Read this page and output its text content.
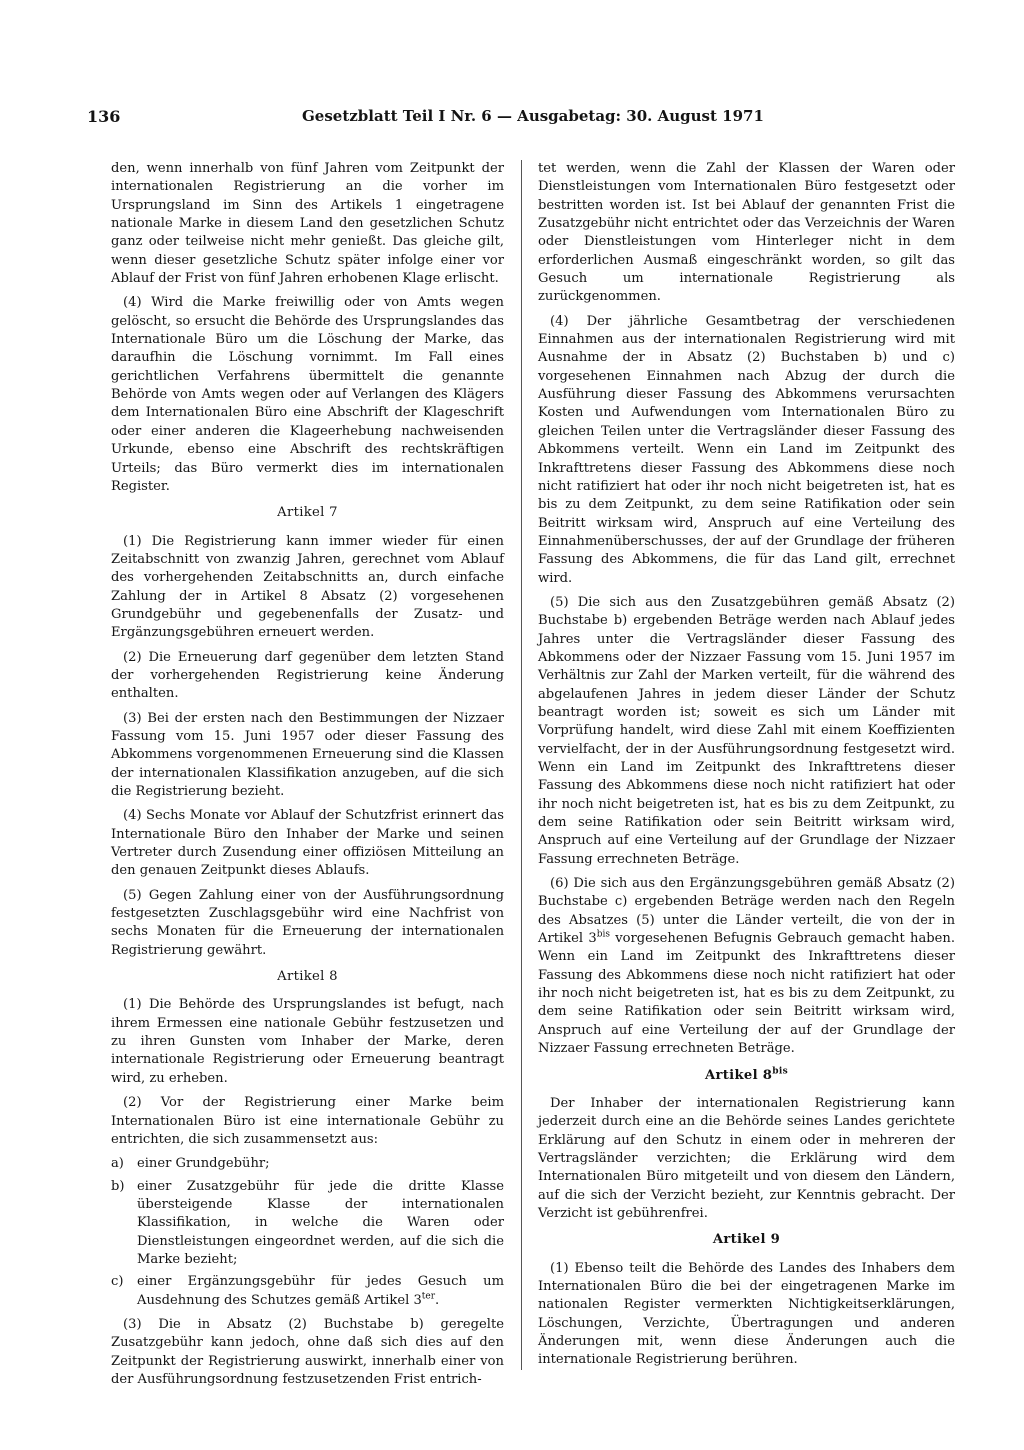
136	Gesetzblatt Teil I Nr. 6 — Ausgabetag: 30. August 1971

den, wenn innerhalb von fünf Jahren vom Zeitpunkt der internationalen Registrierung an die vorher im Ursprungsland im Sinn des Artikels 1 eingetragene nationale Marke in diesem Land den gesetzlichen Schutz ganz oder teilweise nicht mehr genießt. Das gleiche gilt, wenn dieser gesetzliche Schutz später infolge einer vor Ablauf der Frist von fünf Jahren erhobenen Klage erlischt.

(4) Wird die Marke freiwillig oder von Amts wegen gelöscht, so ersucht die Behörde des Ursprungslandes das Internationale Büro um die Löschung der Marke, das daraufhin die Löschung vornimmt. Im Fall eines gerichtlichen Verfahrens übermittelt die genannte Behörde von Amts wegen oder auf Verlangen des Klägers dem Internationalen Büro eine Abschrift der Klageschrift oder einer anderen die Klageerhebung nachweisenden Urkunde, ebenso eine Abschrift des rechtskräftigen Urteils; das Büro vermerkt dies im internationalen Register.

Artikel 7

(1) Die Registrierung kann immer wieder für einen Zeitabschnitt von zwanzig Jahren, gerechnet vom Ablauf des vorhergehenden Zeitabschnitts an, durch einfache Zahlung der in Artikel 8 Absatz (2) vorgesehenen Grundgebühr und gegebenenfalls der Zusatz- und Ergänzungsgebühren erneuert werden.

(2) Die Erneuerung darf gegenüber dem letzten Stand der vorhergehenden Registrierung keine Änderung enthalten.

(3) Bei der ersten nach den Bestimmungen der Nizzaer Fassung vom 15. Juni 1957 oder dieser Fassung des Abkommens vorgenommenen Erneuerung sind die Klassen der internationalen Klassifikation anzugeben, auf die sich die Registrierung bezieht.

(4) Sechs Monate vor Ablauf der Schutzfrist erinnert das Internationale Büro den Inhaber der Marke und seinen Vertreter durch Zusendung einer offiziösen Mitteilung an den genauen Zeitpunkt dieses Ablaufs.

(5) Gegen Zahlung einer von der Ausführungsordnung festgesetzten Zuschlagsgebühr wird eine Nachfrist von sechs Monaten für die Erneuerung der internationalen Registrierung gewährt.

Artikel 8

(1) Die Behörde des Ursprungslandes ist befugt, nach ihrem Ermessen eine nationale Gebühr festzusetzen und zu ihren Gunsten vom Inhaber der Marke, deren internationale Registrierung oder Erneuerung beantragt wird, zu erheben.

(2) Vor der Registrierung einer Marke beim Internationalen Büro ist eine internationale Gebühr zu entrichten, die sich zusammensetzt aus:

a) einer Grundgebühr;
b) einer Zusatzgebühr für jede die dritte Klasse übersteigende Klasse der internationalen Klassifikation, in welche die Waren oder Dienstleistungen eingeordnet werden, auf die sich die Marke bezieht;
c) einer Ergänzungsgebühr für jedes Gesuch um Ausdehnung des Schutzes gemäß Artikel $3^{ter}$.

(3) Die in Absatz (2) Buchstabe b) geregelte Zusatzgebühr kann jedoch, ohne daß sich dies auf den Zeitpunkt der Registrierung auswirkt, innerhalb einer von der Ausführungsordnung festzusetzenden Frist entrich-

tet werden, wenn die Zahl der Klassen der Waren oder Dienstleistungen vom Internationalen Büro festgesetzt oder bestritten worden ist. Ist bei Ablauf der genannten Frist die Zusatzgebühr nicht entrichtet oder das Verzeichnis der Waren oder Dienstleistungen vom Hinterleger nicht in dem erforderlichen Ausmaß eingeschränkt worden, so gilt das Gesuch um internationale Registrierung als zurückgenommen.

(4) Der jährliche Gesamtbetrag der verschiedenen Einnahmen aus der internationalen Registrierung wird mit Ausnahme der in Absatz (2) Buchstaben b) und c) vorgesehenen Einnahmen nach Abzug der durch die Ausführung dieser Fassung des Abkommens verursachten Kosten und Aufwendungen vom Internationalen Büro zu gleichen Teilen unter die Vertragsländer dieser Fassung des Abkommens verteilt. Wenn ein Land im Zeitpunkt des Inkrafttretens dieser Fassung des Abkommens diese noch nicht ratifiziert hat oder ihr noch nicht beigetreten ist, hat es bis zu dem Zeitpunkt, zu dem seine Ratifikation oder sein Beitritt wirksam wird, Anspruch auf eine Verteilung des Einnahmenüberschusses, der auf der Grundlage der früheren Fassung des Abkommens, die für das Land gilt, errechnet wird.

(5) Die sich aus den Zusatzgebühren gemäß Absatz (2) Buchstabe b) ergebenden Beträge werden nach Ablauf jedes Jahres unter die Vertragsländer dieser Fassung des Abkommens oder der Nizzaer Fassung vom 15. Juni 1957 im Verhältnis zur Zahl der Marken verteilt, für die während des abgelaufenen Jahres in jedem dieser Länder der Schutz beantragt worden ist; soweit es sich um Länder mit Vorprüfung handelt, wird diese Zahl mit einem Koeffizienten vervielfacht, der in der Ausführungsordnung festgesetzt wird. Wenn ein Land im Zeitpunkt des Inkrafttretens dieser Fassung des Abkommens diese noch nicht ratifiziert hat oder ihr noch nicht beigetreten ist, hat es bis zu dem Zeitpunkt, zu dem seine Ratifikation oder sein Beitritt wirksam wird, Anspruch auf eine Verteilung auf der Grundlage der Nizzaer Fassung errechneten Beträge.

(6) Die sich aus den Ergänzungsgebühren gemäß Absatz (2) Buchstabe c) ergebenden Beträge werden nach den Regeln des Absatzes (5) unter die Länder verteilt, die von der in Artikel $3^{bis}$ vorgesehenen Befugnis Gebrauch gemacht haben. Wenn ein Land im Zeitpunkt des Inkrafttretens dieser Fassung des Abkommens diese noch nicht ratifiziert hat oder ihr noch nicht beigetreten ist, hat es bis zu dem Zeitpunkt, zu dem seine Ratifikation oder sein Beitritt wirksam wird, Anspruch auf eine Verteilung der auf der Grundlage der Nizzaer Fassung errechneten Beträge.

Artikel $8^{bis}$

Der Inhaber der internationalen Registrierung kann jederzeit durch eine an die Behörde seines Landes gerichtete Erklärung auf den Schutz in einem oder in mehreren der Vertragsländer verzichten; die Erklärung wird dem Internationalen Büro mitgeteilt und von diesem den Ländern, auf die sich der Verzicht bezieht, zur Kenntnis gebracht. Der Verzicht ist gebührenfrei.

Artikel 9

(1) Ebenso teilt die Behörde des Landes des Inhabers dem Internationalen Büro die bei der eingetragenen Marke im nationalen Register vermerkten Nichtigkeitserklärungen, Löschungen, Verzichte, Übertragungen und anderen Änderungen mit, wenn diese Änderungen auch die internationale Registrierung berühren.
